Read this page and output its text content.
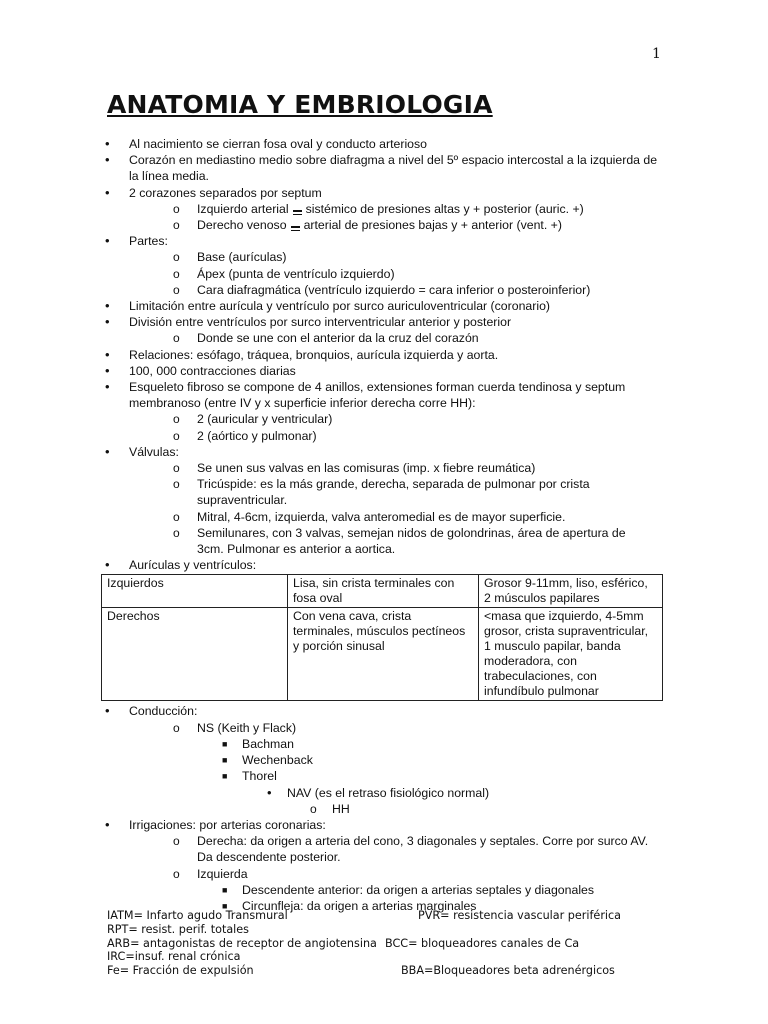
1
ANATOMIA Y EMBRIOLOGIA
• Al nacimiento se cierran fosa oval y conducto arterioso
• Corazón en mediastino medio sobre diafragma a nivel del 5º espacio intercostal a la izquierda de la línea media.
• 2 corazones separados por septum
o Izquierdo arterial sistémico de presiones altas y + posterior (auric. +)
o Derecho venoso arterial de presiones bajas y + anterior (vent. +)
• Partes:
o Base (aurículas)
o Ápex (punta de ventrículo izquierdo)
o Cara diafragmática (ventrículo izquierdo = cara inferior o posteroinferior)
• Limitación entre aurícula y ventrículo por surco auriculoventricular (coronario)
• División entre ventrículos por surco interventricular anterior y posterior
o Donde se une con el anterior da la cruz del corazón
• Relaciones: esófago, tráquea, bronquios, aurícula izquierda y aorta.
• 100, 000 contracciones diarias
• Esqueleto fibroso se compone de 4 anillos, extensiones forman cuerda tendinosa y septum membranoso (entre IV y x superficie inferior derecha corre HH):
o 2 (auricular y ventricular)
o 2 (aórtico y pulmonar)
• Válvulas:
o Se unen sus valvas en las comisuras (imp. x fiebre reumática)
o Tricúspide: es la más grande, derecha, separada de pulmonar por crista supraventricular.
o Mitral, 4-6cm, izquierda, valva anteromedial es de mayor superficie.
o Semilunares, con 3 valvas, semejan nidos de golondrinas, área de apertura de 3cm. Pulmonar es anterior a aortica.
• Aurículas y ventrículos:
Izquierdos	Lisa, sin crista terminales con fosa oval	Grosor 9-11mm, liso, esférico, 2 músculos papilares
Derechos	Con vena cava, crista terminales, músculos pectíneos y porción sinusal	<masa que izquierdo, 4-5mm grosor, crista supraventricular, 1 musculo papilar, banda moderadora, con trabeculaciones, con infundíbulo pulmonar
• Conducción:
o NS (Keith y Flack)
■ Bachman
■ Wechenback
■ Thorel
• NAV (es el retraso fisiológico normal)
o HH
• Irrigaciones: por arterias coronarias:
o Derecha: da origen a arteria del cono, 3 diagonales y septales. Corre por surco AV. Da descendente posterior.
o Izquierda
■ Descendente anterior: da origen a arterias septales y diagonales
■ Circunfleja: da origen a arterias marginales
IATM= Infarto agudo Transmural	PVR= resistencia vascular periférica
RPT= resist. perif. totales
ARB= antagonistas de receptor de angiotensina BCC= bloqueadores canales de Ca
IRC=insuf. renal crónica
Fe= Fracción de expulsión	BBA=Bloqueadores beta adrenérgicos
